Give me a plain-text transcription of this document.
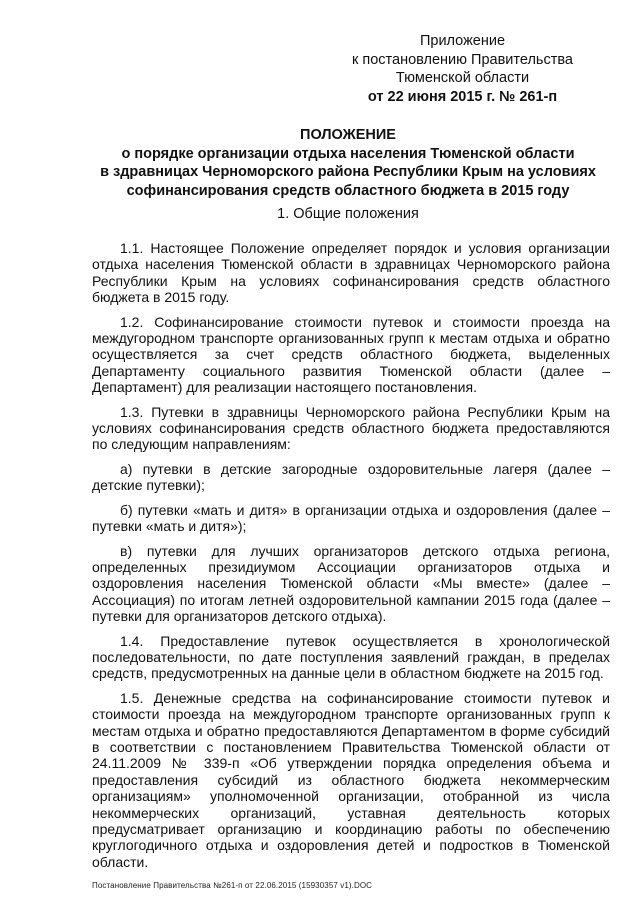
Приложение
к постановлению Правительства
Тюменской области
от 22 июня 2015 г. № 261-п
ПОЛОЖЕНИЕ
о порядке организации отдыха населения Тюменской области
в здравницах Черноморского района Республики Крым на условиях
софинансирования средств областного бюджета в 2015 году
1. Общие положения

1.1. Настоящее Положение определяет порядок и условия организации отдыха населения Тюменской области в здравницах Черноморского района Республики Крым на условиях софинансирования средств областного бюджета в 2015 году.

1.2. Софинансирование стоимости путевок и стоимости проезда на междугородном транспорте организованных групп к местам отдыха и обратно осуществляется за счет средств областного бюджета, выделенных Департаменту социального развития Тюменской области (далее – Департамент) для реализации настоящего постановления.

1.3. Путевки в здравницы Черноморского района Республики Крым на условиях софинансирования средств областного бюджета предоставляются по следующим направлениям:

а) путевки в детские загородные оздоровительные лагеря (далее – детские путевки);

б) путевки «мать и дитя» в организации отдыха и оздоровления (далее – путевки «мать и дитя»);

в) путевки для лучших организаторов детского отдыха региона, определенных президиумом Ассоциации организаторов отдыха и оздоровления населения Тюменской области «Мы вместе» (далее – Ассоциация) по итогам летней оздоровительной кампании 2015 года (далее – путевки для организаторов детского отдыха).

1.4. Предоставление путевок осуществляется в хронологической последовательности, по дате поступления заявлений граждан, в пределах средств, предусмотренных на данные цели в областном бюджете на 2015 год.

1.5. Денежные средства на софинансирование стоимости путевок и стоимости проезда на междугородном транспорте организованных групп к местам отдыха и обратно предоставляются Департаментом в форме субсидий в соответствии с постановлением Правительства Тюменской области от 24.11.2009 № 339-п «Об утверждении порядка определения объема и предоставления субсидий из областного бюджета некоммерческим организациям» уполномоченной организации, отобранной из числа некоммерческих организаций, уставная деятельность которых предусматривает организацию и координацию работы по обеспечению круглогодичного отдыха и оздоровления детей и подростков в Тюменской области.

Постановление Правительства №261-п от 22.06.2015 (15930357 v1).DOC
